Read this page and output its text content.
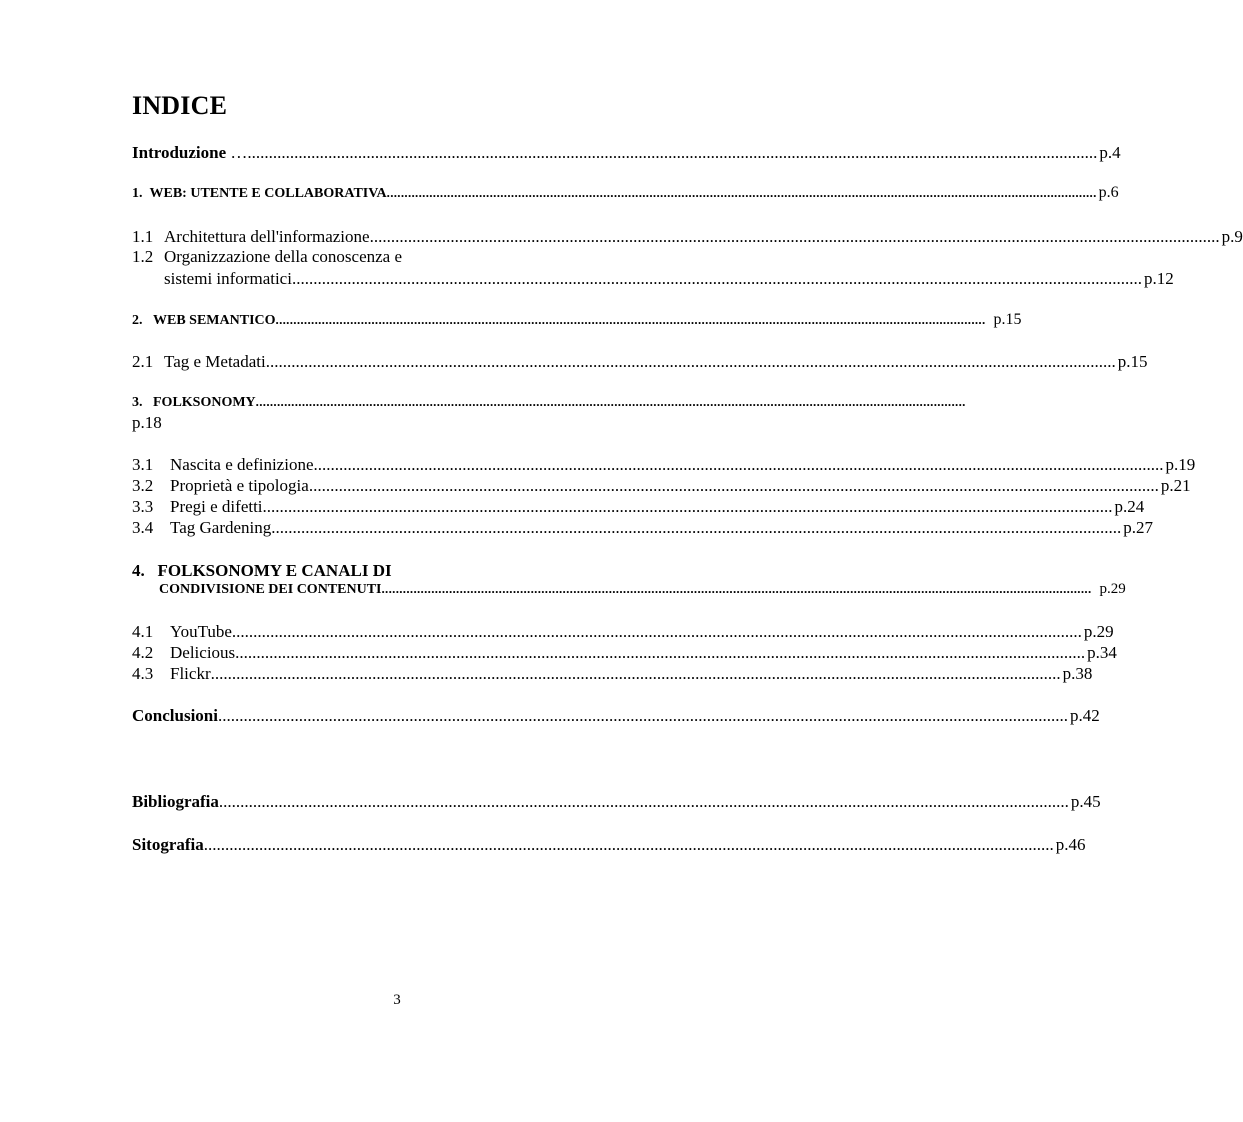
INDICE
Introduzione … ........................................................................................................................................................................................................ p.4
1. WEB: UTENTE E COLLABORATIVA ........................................................................................................................................................................................................ p.6
1.1 Architettura dell'informazione ........................................................................................................................................................................................................ p.9
1.2 Organizzazione della conoscenza e
sistemi informatici ........................................................................................................................................................................................................ p.12
2. WEB SEMANTICO ........................................................................................................................................................................................................ p.15
2.1 Tag e Metadati ........................................................................................................................................................................................................ p.15
3. FOLKSONOMY ........................................................................................................................................................................................................
p.18
3.1 Nascita e definizione ........................................................................................................................................................................................................ p.19
3.2 Proprietà e tipologia ........................................................................................................................................................................................................ p.21
3.3 Pregi e difetti ........................................................................................................................................................................................................ p.24
3.4 Tag Gardening ........................................................................................................................................................................................................ p.27
4. FOLKSONOMY E CANALI DI
CONDIVISIONE DEI CONTENUTI ........................................................................................................................................................................................................ p.29
4.1 YouTube ........................................................................................................................................................................................................ p.29
4.2 Delicious ........................................................................................................................................................................................................ p.34
4.3 Flickr ........................................................................................................................................................................................................ p.38
Conclusioni ........................................................................................................................................................................................................ p.42
Bibliografia ........................................................................................................................................................................................................ p.45
Sitografia ........................................................................................................................................................................................................ p.46
3
